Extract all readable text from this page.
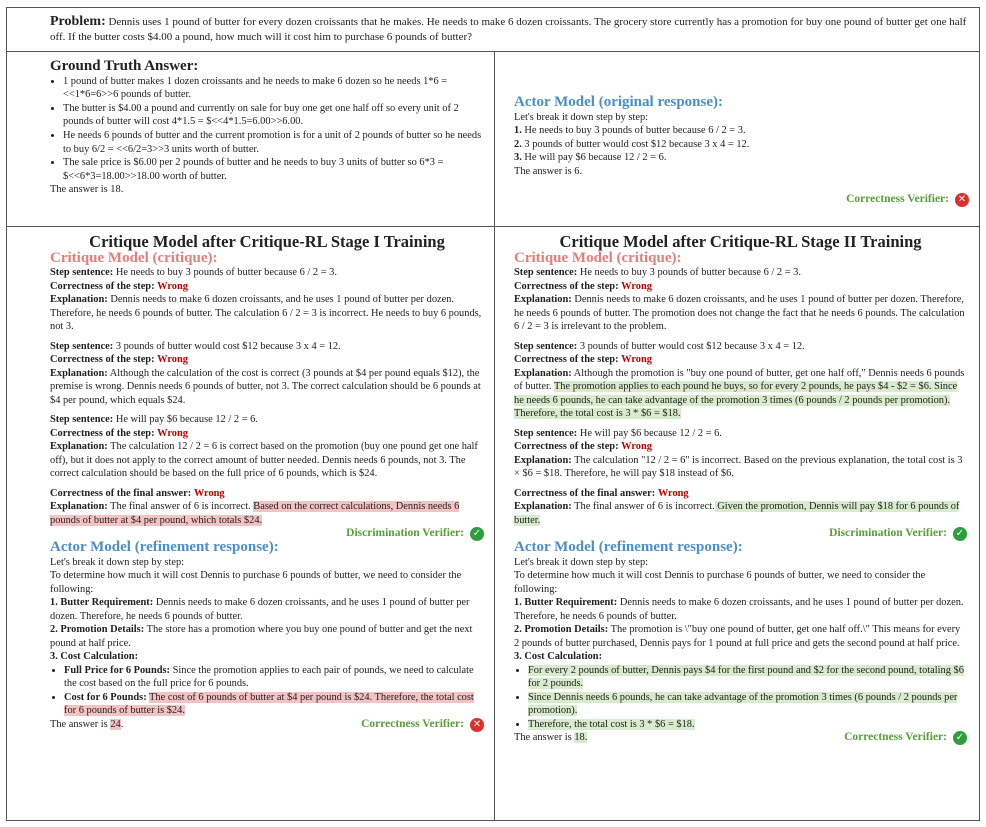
Problem: Dennis uses 1 pound of butter for every dozen croissants that he makes. He needs to make 6 dozen croissants. The grocery store currently has a promotion for buy one pound of butter get one half off. If the butter costs $4.00 a pound, how much will it cost him to purchase 6 pounds of butter?
Ground Truth Answer:
• 1 pound of butter makes 1 dozen croissants and he needs to make 6 dozen so he needs 1*6 = <<1*6=6>>6 pounds of butter.
• The butter is $4.00 a pound and currently on sale for buy one get one half off so every unit of 2 pounds of butter will cost 4*1.5 = $<<4*1.5=6.00>>6.00.
• He needs 6 pounds of butter and the current promotion is for a unit of 2 pounds of butter so he needs to buy 6/2 = <<6/2=3>>3 units worth of butter.
• The sale price is $6.00 per 2 pounds of butter and he needs to buy 3 units of butter so 6*3 = $<<6*3=18.00>>18.00 worth of butter.
The answer is 18.
Actor Model (original response):
Let's break it down step by step:
1. He needs to buy 3 pounds of butter because 6 / 2 = 3.
2. 3 pounds of butter would cost $12 because 3 x 4 = 12.
3. He will pay $6 because 12 / 2 = 6.
The answer is 6.
Correctness Verifier: ✕
Critique Model after Critique-RL Stage I Training
Critique Model (critique):

Step sentence: He needs to buy 3 pounds of butter because 6 / 2 = 3.

Correctness of the step: Wrong

Explanation: Dennis needs to make 6 dozen croissants, and he uses 1 pound of butter per dozen. Therefore, he needs 6 pounds of butter. The calculation 6 / 2 = 3 is incorrect. He needs to buy 6 pounds, not 3.

Step sentence: 3 pounds of butter would cost $12 because 3 x 4 = 12.

Correctness of the step: Wrong

Explanation: Although the calculation of the cost is correct (3 pounds at $4 per pound equals $12), the premise is wrong. Dennis needs 6 pounds of butter, not 3. The correct calculation should be 6 pounds at $4 per pound, which equals $24.

Step sentence: He will pay $6 because 12 / 2 = 6.

Correctness of the step: Wrong

Explanation: The calculation 12 / 2 = 6 is correct based on the promotion (buy one pound get one half off), but it does not apply to the correct amount of butter needed. Dennis needs 6 pounds, not 3. The correct calculation should be based on the full price of 6 pounds, which is $24.

Correctness of the final answer: Wrong

Explanation: The final answer of 6 is incorrect. Based on the correct calculations, Dennis needs 6 pounds of butter at $4 per pound, which totals $24.

Discrimination Verifier: ✓
Actor Model (refinement response):

Let's break it down step by step:

To determine how much it will cost Dennis to purchase 6 pounds of butter, we need to consider the following:

1. Butter Requirement: Dennis needs to make 6 dozen croissants, and he uses 1 pound of butter per dozen. Therefore, he needs 6 pounds of butter.

2. Promotion Details: The store has a promotion where you buy one pound of butter and get the next pound at half price.

3. Cost Calculation:

• Full Price for 6 Pounds: Since the promotion applies to each pair of pounds, we need to calculate the cost based on the full price for 6 pounds.
• Cost for 6 Pounds: The cost of 6 pounds of butter at $4 per pound is $24. Therefore, the total cost for 6 pounds of butter is $24.
The answer is 24.	Correctness Verifier: ✕
Critique Model after Critique-RL Stage II Training
Critique Model (critique):

Step sentence: He needs to buy 3 pounds of butter because 6 / 2 = 3.

Correctness of the step: Wrong

Explanation: Dennis needs to make 6 dozen croissants, and he uses 1 pound of butter per dozen. Therefore, he needs 6 pounds of butter. The promotion does not change the fact that he needs 6 pounds. The calculation 6 / 2 = 3 is irrelevant to the problem.

Step sentence: 3 pounds of butter would cost $12 because 3 x 4 = 12.

Correctness of the step: Wrong

Explanation: Although the promotion is "buy one pound of butter, get one half off," Dennis needs 6 pounds of butter. The promotion applies to each pound he buys, so for every 2 pounds, he pays $4 - $2 = $6. Since he needs 6 pounds, he can take advantage of the promotion 3 times (6 pounds / 2 pounds per promotion). Therefore, the total cost is 3 * $6 = $18.

Step sentence: He will pay $6 because 12 / 2 = 6.

Correctness of the step: Wrong

Explanation: The calculation "12 / 2 = 6" is incorrect. Based on the previous explanation, the total cost is 3 × $6 = $18. Therefore, he will pay $18 instead of $6.

Correctness of the final answer: Wrong

Explanation: The final answer of 6 is incorrect. Given the promotion, Dennis will pay $18 for 6 pounds of butter.

Discrimination Verifier: ✓
Actor Model (refinement response):

Let's break it down step by step:

To determine how much it will cost Dennis to purchase 6 pounds of butter, we need to consider the following:

1. Butter Requirement: Dennis needs to make 6 dozen croissants, and he uses 1 pound of butter per dozen. Therefore, he needs 6 pounds of butter.

2. Promotion Details: The promotion is \"buy one pound of butter, get one half off.\" This means for every 2 pounds of butter purchased, Dennis pays for 1 pound at full price and gets the second pound at half price.

3. Cost Calculation:

• For every 2 pounds of butter, Dennis pays $4 for the first pound and $2 for the second pound, totaling $6 for 2 pounds.
• Since Dennis needs 6 pounds, he can take advantage of the promotion 3 times (6 pounds / 2 pounds per promotion).
• Therefore, the total cost is 3 * $6 = $18.
The answer is 18.	Correctness Verifier: ✓
